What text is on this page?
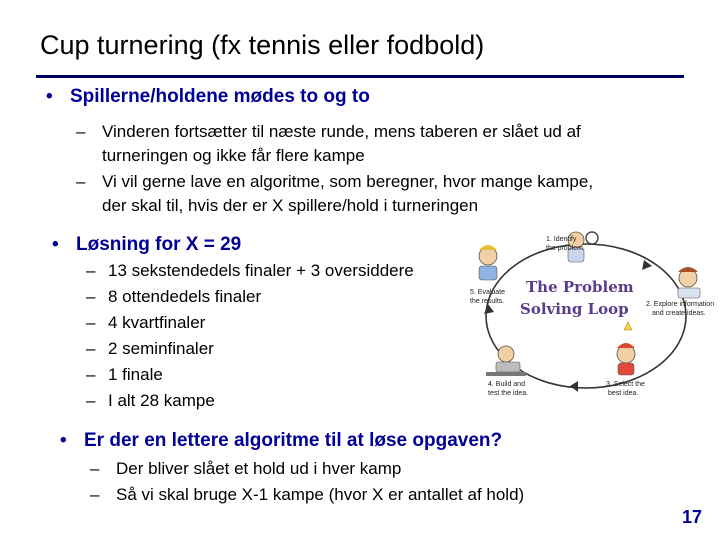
Cup turnering (fx tennis eller fodbold)
• Spillerne/holdene mødes to og to
– Vinderen fortsætter til næste runde, mens taberen er slået ud af
turneringen og ikke får flere kampe
– Vi vil gerne lave en algoritme, som beregner, hvor mange kampe,
der skal til, hvis der er X spillere/hold i turneringen
• Løsning for X = 29
– 13 sekstendedels finaler + 3 oversiddere
– 8 ottendedels finaler
– 4 kvartfinaler
– 2 seminfinaler
– 1 finale
– I alt 28 kampe
The Problem
Solving Loop
1. Identify
the problem.
2. Explore information
and create ideas.
3. Select the
best idea.
4. Build and
test the idea.
5. Evaluate
the results.
• Er der en lettere algoritme til at løse opgaven?
– Der bliver slået et hold ud i hver kamp
– Så vi skal bruge X-1 kampe (hvor X er antallet af hold)
17
